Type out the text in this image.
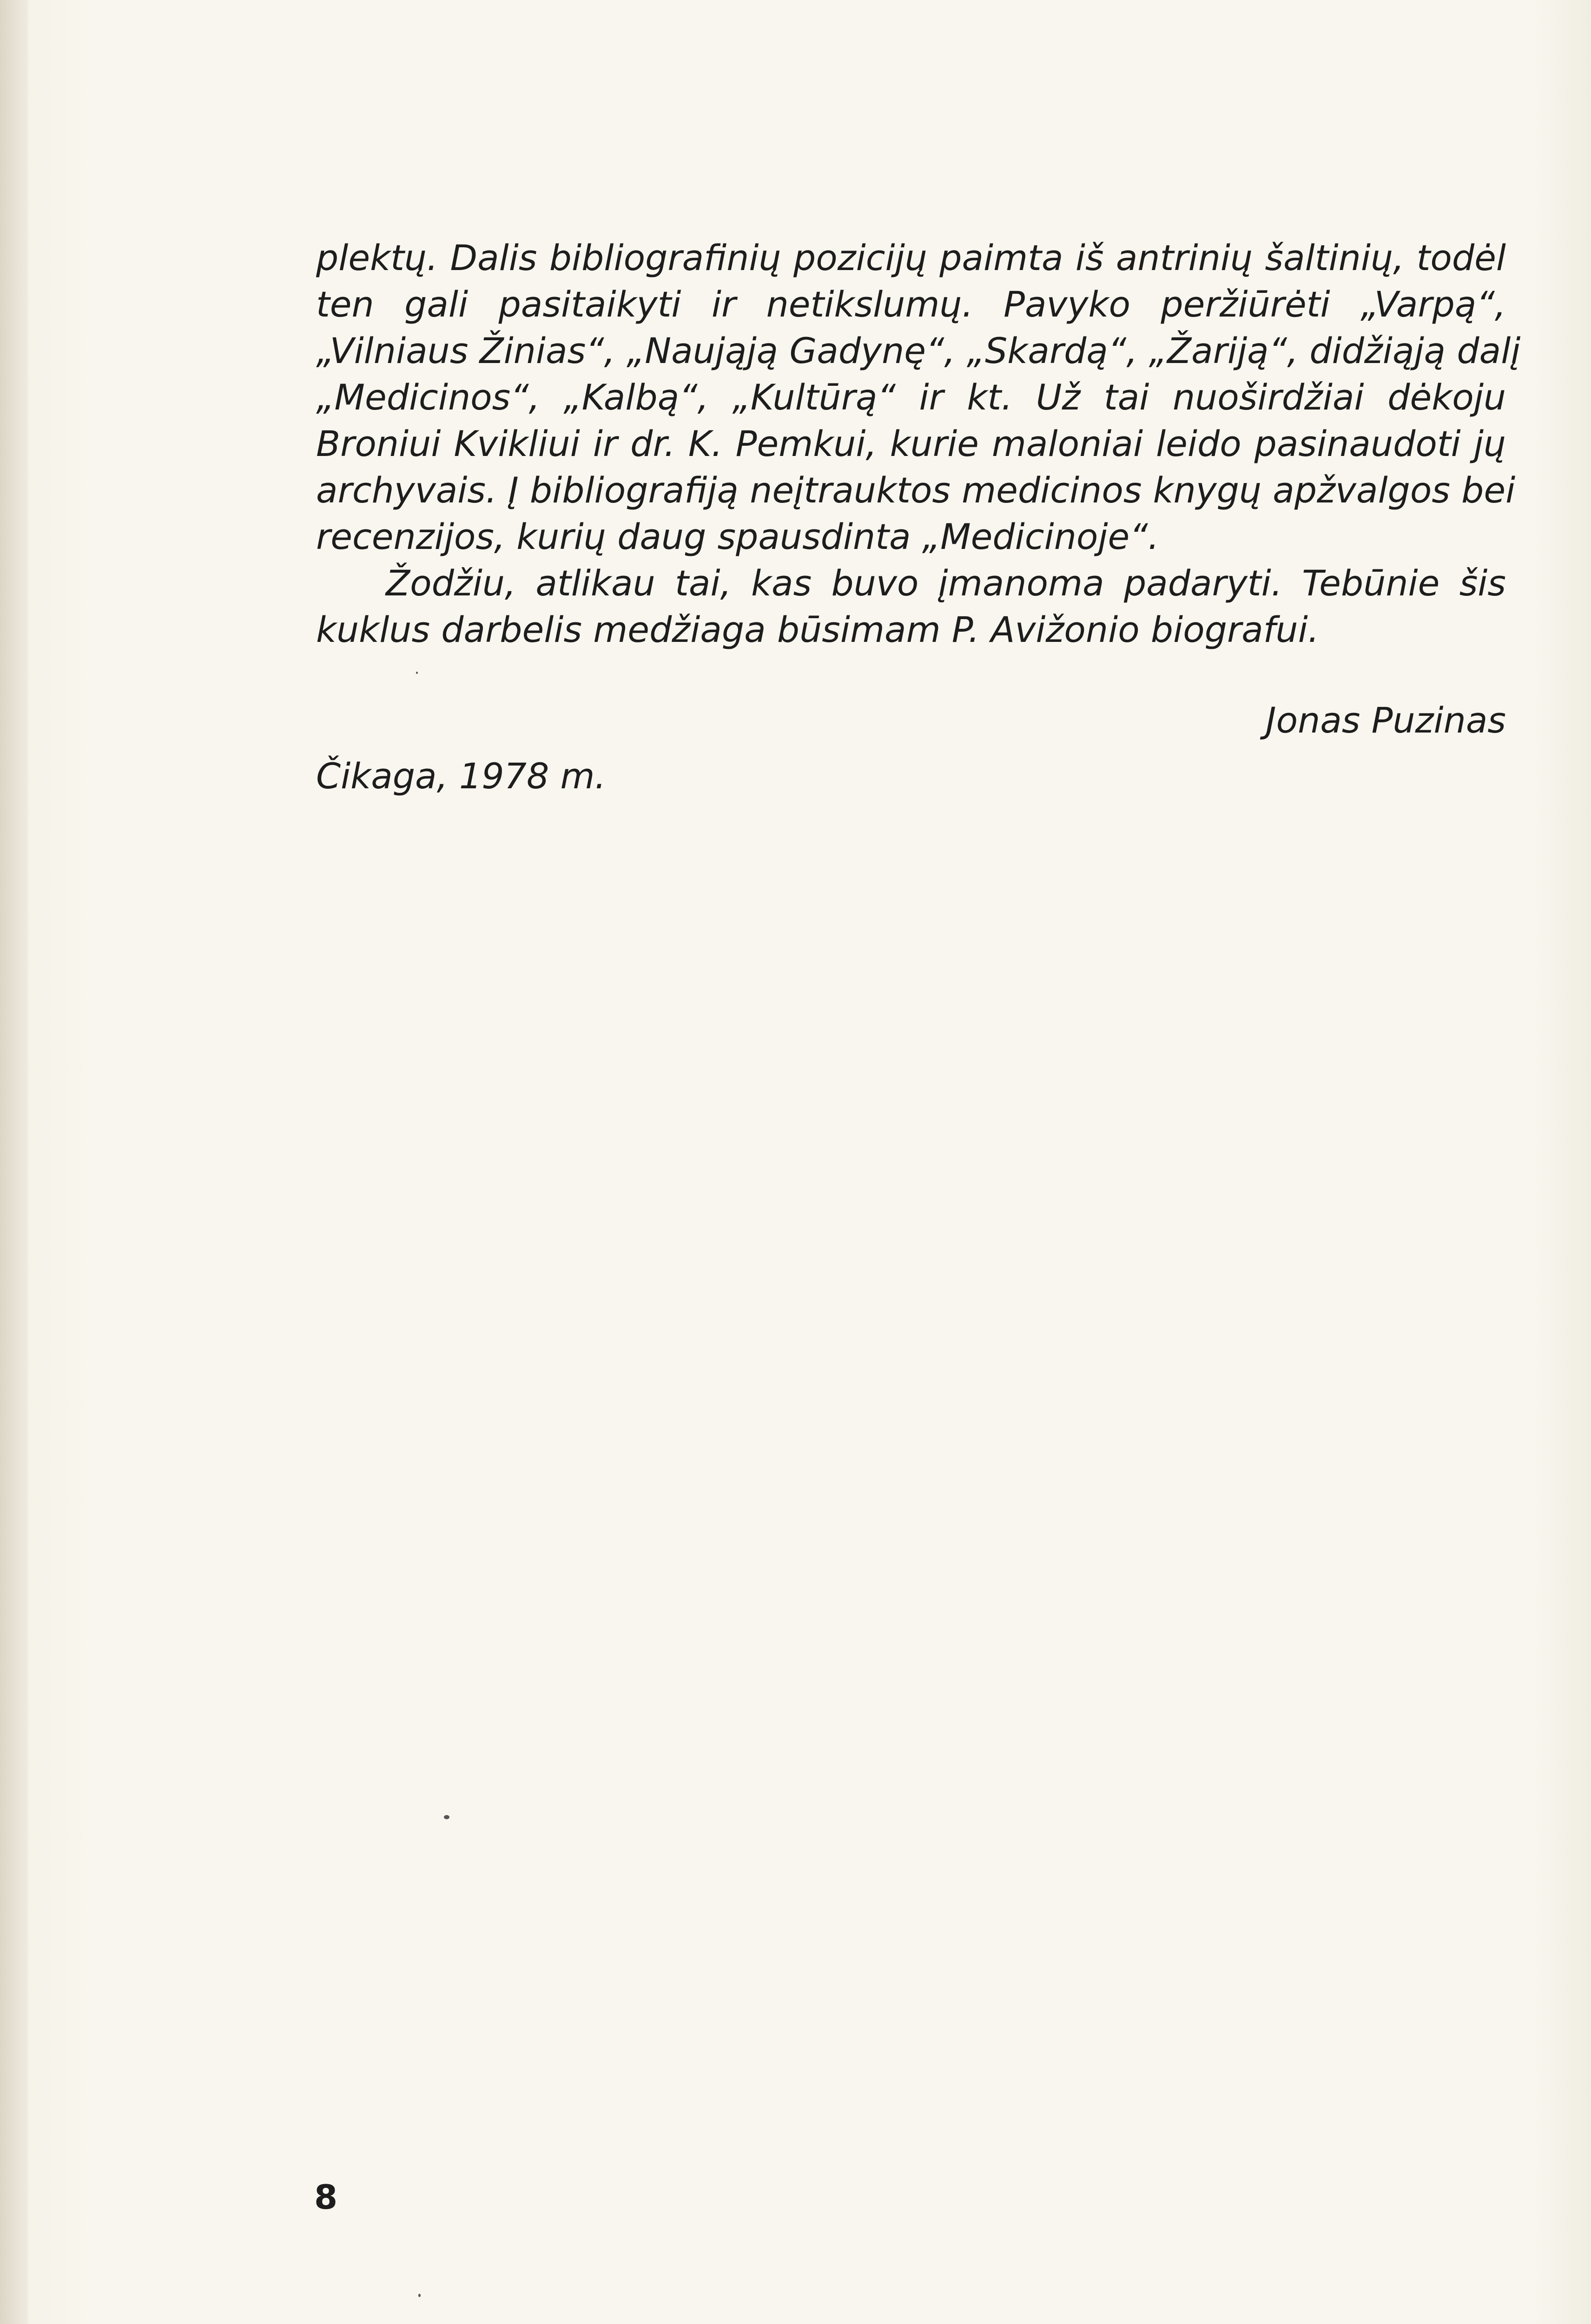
plektų. Dalis bibliografinių pozicijų paimta iš antrinių šaltinių, todėl
ten gali pasitaikyti ir netikslumų. Pavyko peržiūrėti „Varpą“,
„Vilniaus Žinias“, „Naująją Gadynę“, „Skardą“, „Žariją“, didžiąją dalį
„Medicinos“, „Kalbą“, „Kultūrą“ ir kt. Už tai nuoširdžiai dėkoju
Broniui Kvikliui ir dr. K. Pemkui, kurie maloniai leido pasinaudoti jų
archyvais. Į bibliografiją neįtrauktos medicinos knygų apžvalgos bei
recenzijos, kurių daug spausdinta „Medicinoje“.
Žodžiu, atlikau tai, kas buvo įmanoma padaryti. Tebūnie šis
kuklus darbelis medžiaga būsimam P. Avižonio biografui.
Jonas Puzinas
Čikaga, 1978 m.
8
